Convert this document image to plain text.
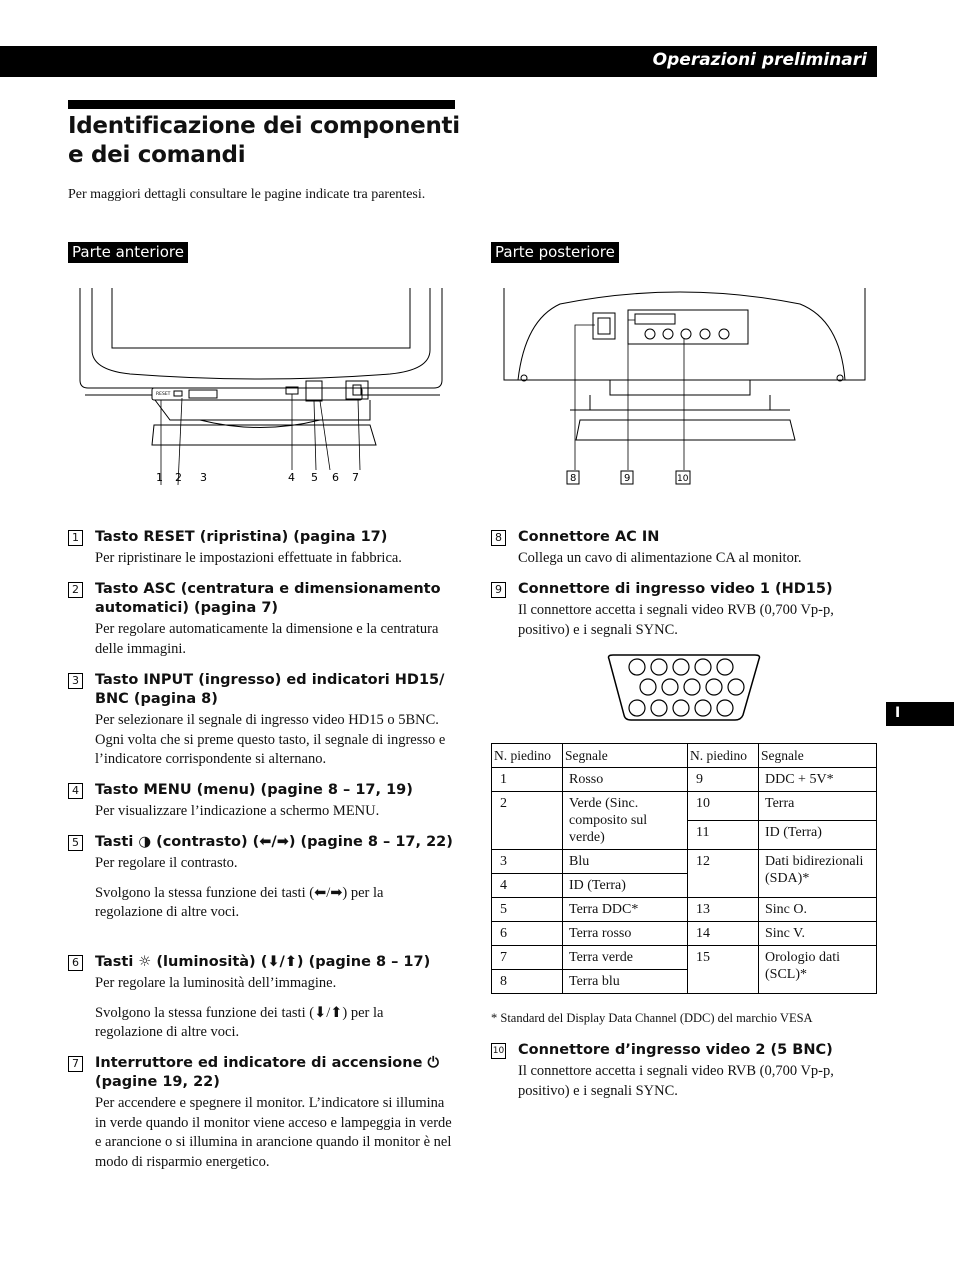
Operazioni preliminari
Identificazione dei componenti e dei comandi
Per maggiori dettagli consultare le pagine indicate tra parentesi.
Parte anteriore	Parte posteriore
RESET
1 2 3	4 5 6 7	8	9	10
1 Tasto RESET (ripristina) (pagina 17)

Per ripristinare le impostazioni effettuate in fabbrica.

2 Tasto ASC (centratura e dimensionamento automatici) (pagina 7)

Per regolare automaticamente la dimensione e la centratura delle immagini.

3 Tasto INPUT (ingresso) ed indicatori HD15/ BNC (pagina 8)

Per selezionare il segnale di ingresso video HD15 o 5BNC. Ogni volta che si preme questo tasto, il segnale di ingresso e l’indicatore corrispondente si alternano.

4 Tasto MENU (menu) (pagine 8 – 17, 19)

Per visualizzare l’indicazione a schermo MENU.

5 Tasti ◑ (contrasto) (⬅/➡) (pagine 8 – 17, 22)

Per regolare il contrasto.

Svolgono la stessa funzione dei tasti (⬅/➡) per la regolazione di altre voci.

6 Tasti ☼ (luminosità) (⬇/⬆) (pagine 8 – 17)

Per regolare la luminosità dell’immagine.

Svolgono la stessa funzione dei tasti (⬇/⬆) per la regolazione di altre voci.

7 Interruttore ed indicatore di accensione ⏻ (pagine 19, 22)

Per accendere e spegnere il monitor. L’indicatore si illumina in verde quando il monitor viene acceso e lampeggia in verde e arancione o si illumina in arancione quando il monitor è nel modo di risparmio energetico.

8 Connettore AC IN

Collega un cavo di alimentazione CA al monitor.

9 Connettore di ingresso video 1 (HD15)

Il connettore accetta i segnali video RVB (0,700 Vp-p, positivo) e i segnali SYNC.

I
N. piedino	Segnale	N. piedino	Segnale
1	Rosso	9	DDC + 5V*
2	Verde (Sinc. composito sul verde)	10	Terra
		11	ID (Terra)
3	Blu	12	Dati bidirezionali (SDA)*
4	ID (Terra)		
5	Terra DDC*	13	Sinc O.
6	Terra rosso	14	Sinc V.
7	Terra verde	15	Orologio dati (SCL)*
8	Terra blu		
* Standard del Display Data Channel (DDC) del marchio VESA
10 Connettore d’ingresso video 2 (5 BNC)

Il connettore accetta i segnali video RVB (0,700 Vp-p, positivo) e i segnali SYNC.
